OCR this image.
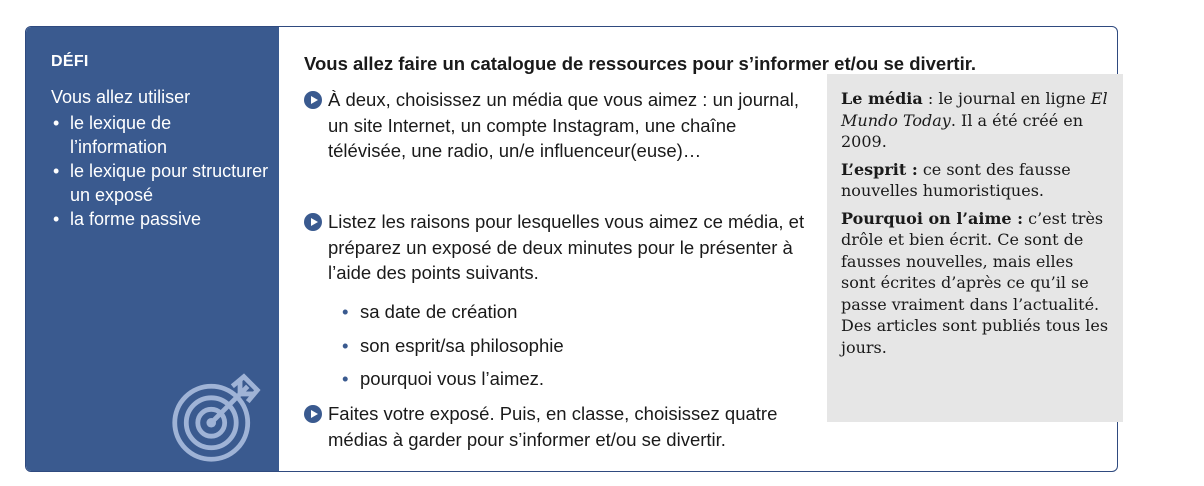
DÉFI
Vous allez utiliser
• le lexique de l’information
• le lexique pour structurer un exposé
• la forme passive
Vous allez faire un catalogue de ressources pour s’informer et/ou se divertir.
À deux, choisissez un média que vous aimez : un journal, un site Internet, un compte Instagram, une chaîne télévisée, une radio, un/e influenceur(euse)…
Listez les raisons pour lesquelles vous aimez ce média, et préparez un exposé de deux minutes pour le présenter à l’aide des points suivants.
• sa date de création
• son esprit/sa philosophie
• pourquoi vous l’aimez.
Faites votre exposé. Puis, en classe, choisissez quatre médias à garder pour s’informer et/ou se divertir.

Le média : le journal en ligne El Mundo Today. Il a été créé en 2009.

L’esprit : ce sont des fausse nouvelles humoristiques.

Pourquoi on l’aime : c’est très drôle et bien écrit. Ce sont de fausses nouvelles, mais elles sont écrites d’après ce qu’il se passe vraiment dans l’actualité. Des articles sont publiés tous les jours.
